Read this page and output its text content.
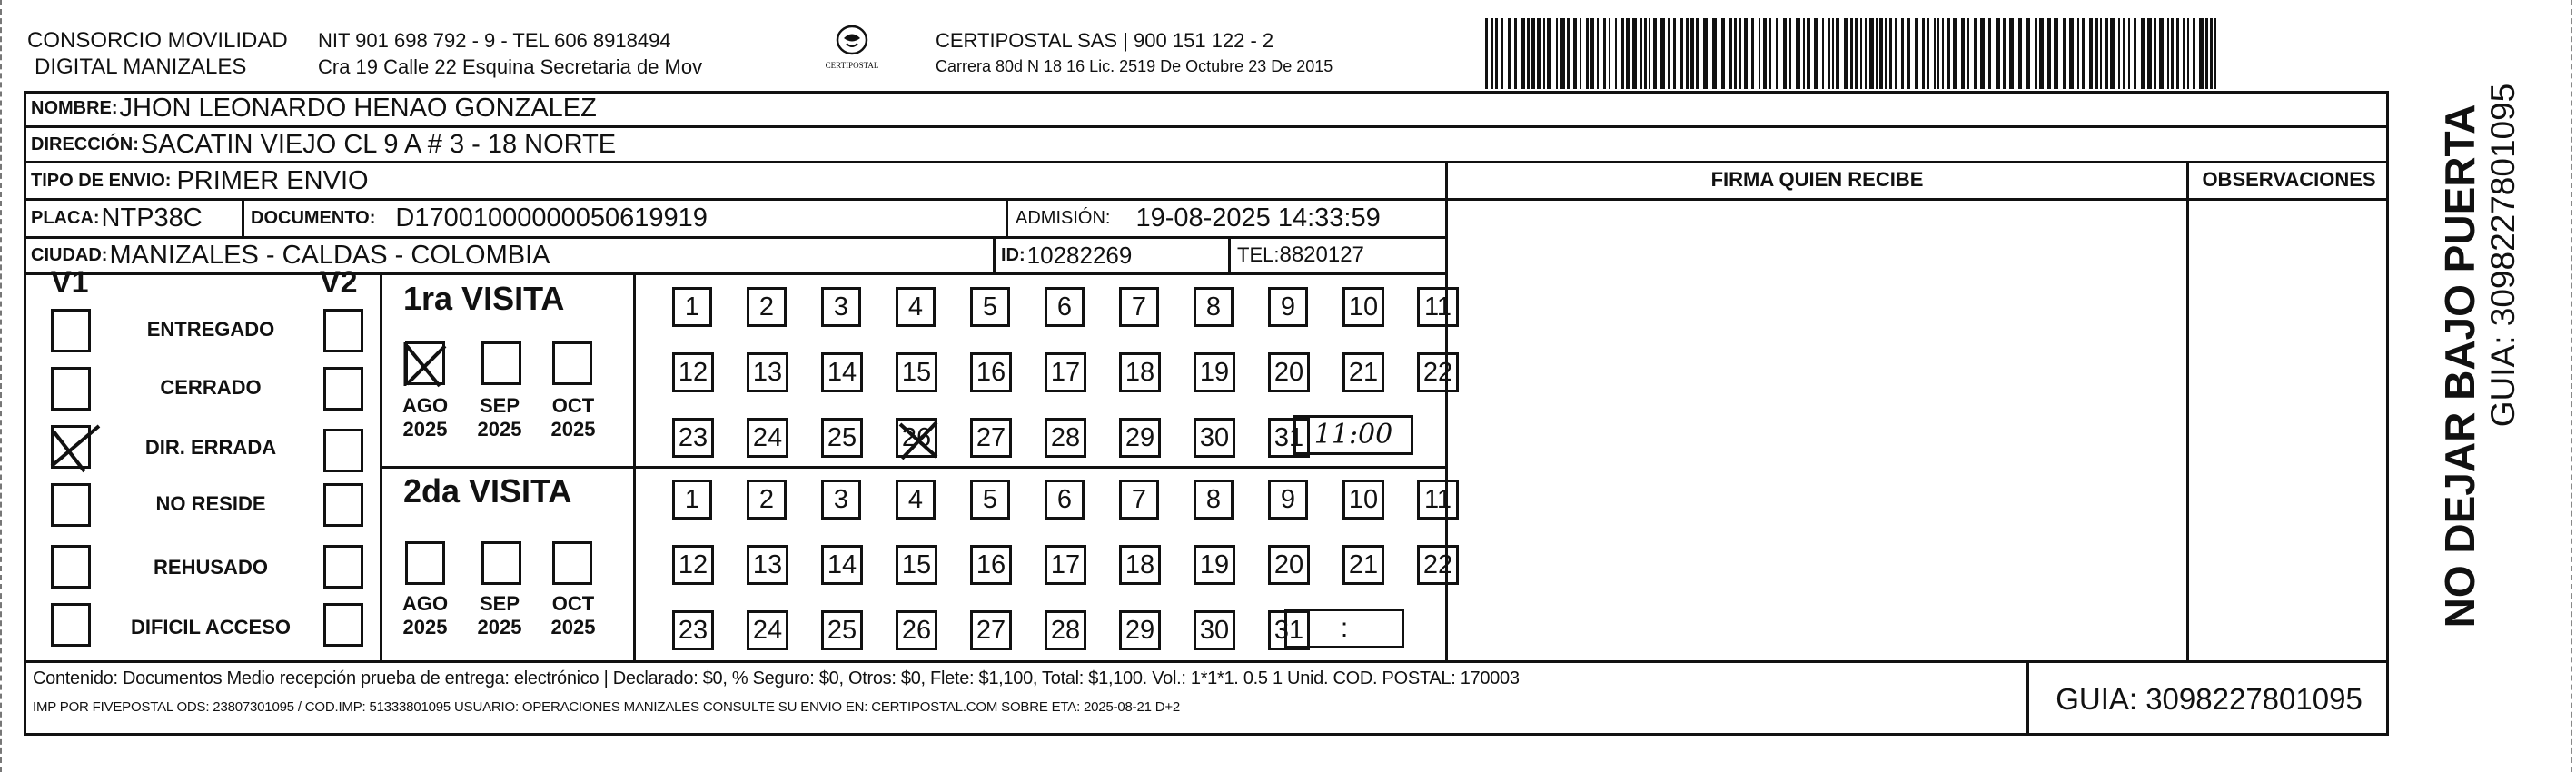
CONSORCIO MOVILIDAD
DIGITAL MANIZALES
NIT 901 698 792 - 9 - TEL 606 8918494
Cra 19 Calle 22 Esquina Secretaria de Mov	CERTIPOSTAL
CERTIPOSTAL SAS | 900 151 122 - 2
Carrera 80d N 18 16 Lic. 2519 De Octubre 23 De 2015
NOMBRE: JHON LEONARDO HENAO GONZALEZ
DIRECCIÓN: SACATIN VIEJO CL 9 A # 3 - 18 NORTE
TIPO DE ENVIO: PRIMER ENVIO
PLACA: NTP38C	DOCUMENTO: D17001000000050619919	ADMISIÓN: 19-08-2025 14:33:59
CIUDAD: MANIZALES - CALDAS - COLOMBIA	ID: 10282269	TEL: 8820127
FIRMA QUIEN RECIBE	OBSERVACIONES
V1	V2
ENTREGADO
CERRADO
DIR. ERRADA
NO RESIDE
REHUSADO
DIFICIL ACCESO
1ra VISITA
AGO
2025
SEP
2025
OCT
2025
1	2	3	4	5	6	7	8	9	10 11
12 13 14 15 16 17 18 19 20 21 22
23 24 25 26 27 28 29 30 31 11:00
2da VISITA
AGO
2025
SEP
2025
OCT
2025
1	2	3	4	5	6	7	8	9	10 11
12 13 14 15 16 17 18 19 20 21 22
23 24 25 26 27 28 29 30 31 :
Contenido: Documentos Medio recepción prueba de entrega: electrónico | Declarado: $0, % Seguro: $0, Otros: $0, Flete: $1,100, Total: $1,100. Vol.: 1*1*1. 0.5 1 Unid. COD. POSTAL: 170003
IMP POR FIVEPOSTAL ODS: 23807301095 / COD.IMP: 51333801095 USUARIO: OPERACIONES MANIZALES CONSULTE SU ENVIO EN: CERTIPOSTAL.COM SOBRE ETA: 2025-08-21 D+2	GUIA: 3098227801095
NO DEJAR BAJO PUERTA GUIA: 3098227801095
